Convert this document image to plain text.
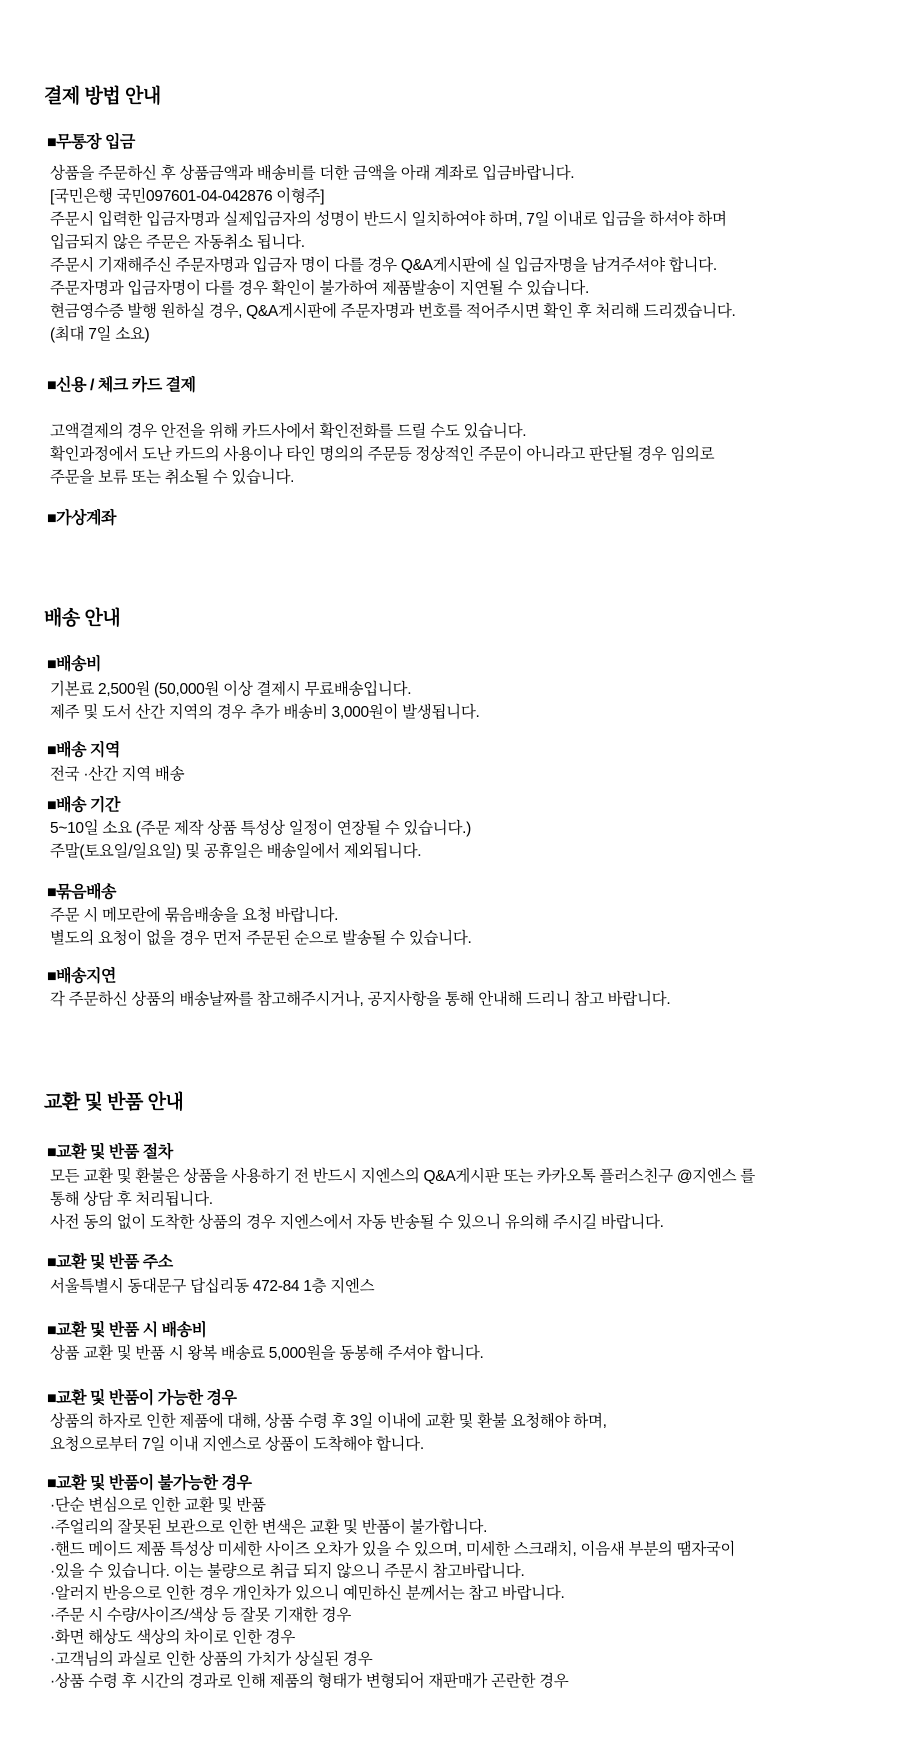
결제 방법 안내
■무통장 입금

상품을 주문하신 후 상품금액과 배송비를 더한 금액을 아래 계좌로 입금바랍니다.

[국민은행 국민097601-04-042876 이형주]

주문시 입력한 입금자명과 실제입금자의 성명이 반드시 일치하여야 하며, 7일 이내로 입금을 하셔야 하며

입금되지 않은 주문은 자동취소 됩니다.

주문시 기재해주신 주문자명과 입금자 명이 다를 경우 Q&A게시판에 실 입금자명을 남겨주셔야 합니다.

주문자명과 입금자명이 다를 경우 확인이 불가하여 제품발송이 지연될 수 있습니다.

현금영수증 발행 원하실 경우, Q&A게시판에 주문자명과 번호를 적어주시면 확인 후 처리해 드리겠습니다.

(최대 7일 소요)

■신용 / 체크 카드 결제

고액결제의 경우 안전을 위해 카드사에서 확인전화를 드릴 수도 있습니다.

확인과정에서 도난 카드의 사용이나 타인 명의의 주문등 정상적인 주문이 아니라고 판단될 경우 임의로

주문을 보류 또는 취소될 수 있습니다.

■가상계좌
배송 안내
■배송비

기본료 2,500원 (50,000원 이상 결제시 무료배송입니다.

제주 및 도서 산간 지역의 경우 추가 배송비 3,000원이 발생됩니다.

■배송 지역

전국 ·산간 지역 배송

■배송 기간

5~10일 소요 (주문 제작 상품 특성상 일정이 연장될 수 있습니다.)

주말(토요일/일요일) 및 공휴일은 배송일에서 제외됩니다.

■묶음배송

주문 시 메모란에 묶음배송을 요청 바랍니다.

별도의 요청이 없을 경우 먼저 주문된 순으로 발송될 수 있습니다.

■배송지연

각 주문하신 상품의 배송날짜를 참고해주시거나, 공지사항을 통해 안내해 드리니 참고 바랍니다.

교환 및 반품 안내
■교환 및 반품 절차

모든 교환 및 환불은 상품을 사용하기 전 반드시 지엔스의 Q&A게시판 또는 카카오톡 플러스친구 @지엔스 를

통해 상담 후 처리됩니다.

사전 동의 없이 도착한 상품의 경우 지엔스에서 자동 반송될 수 있으니 유의해 주시길 바랍니다.

■교환 및 반품 주소

서울특별시 동대문구 답십리동 472-84 1층 지엔스

■교환 및 반품 시 배송비

상품 교환 및 반품 시 왕복 배송료 5,000원을 동봉해 주셔야 합니다.

■교환 및 반품이 가능한 경우

상품의 하자로 인한 제품에 대해, 상품 수령 후 3일 이내에 교환 및 환불 요청해야 하며,

요청으로부터 7일 이내 지엔스로 상품이 도착해야 합니다.

■교환 및 반품이 불가능한 경우

·단순 변심으로 인한 교환 및 반품

·주얼리의 잘못된 보관으로 인한 변색은 교환 및 반품이 불가합니다.

·핸드 메이드 제품 특성상 미세한 사이즈 오차가 있을 수 있으며, 미세한 스크래치, 이음새 부분의 땜자국이

·있을 수 있습니다. 이는 불량으로 취급 되지 않으니 주문시 참고바랍니다.

·알러지 반응으로 인한 경우 개인차가 있으니 예민하신 분께서는 참고 바랍니다.

·주문 시 수량/사이즈/색상 등 잘못 기재한 경우

·화면 해상도 색상의 차이로 인한 경우

·고객님의 과실로 인한 상품의 가치가 상실된 경우

·상품 수령 후 시간의 경과로 인해 제품의 형태가 변형되어 재판매가 곤란한 경우
